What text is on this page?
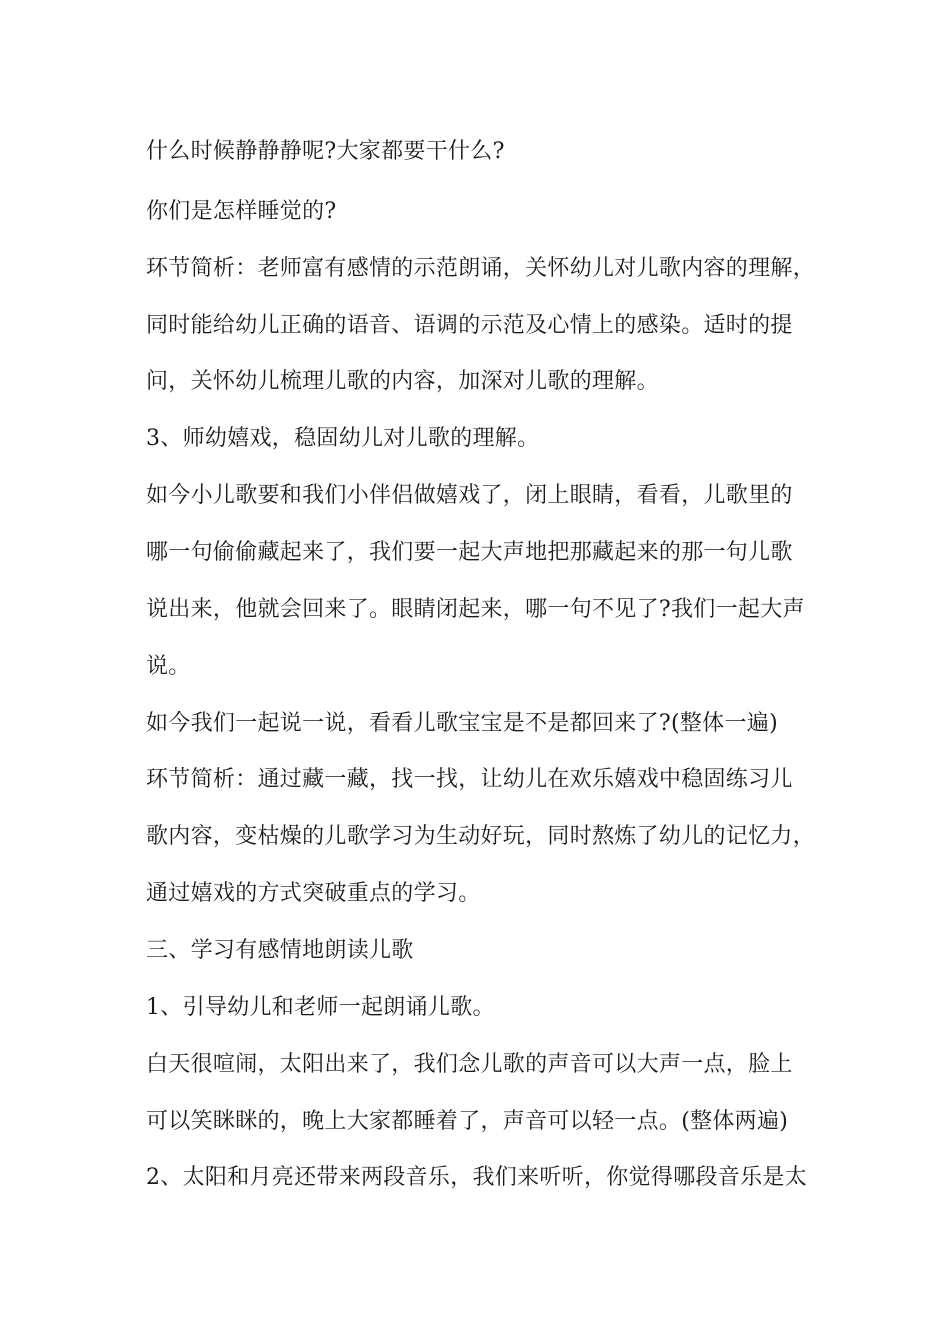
什么时候静静静呢?大家都要干什么?

你们是怎样睡觉的?

环节简析：老师富有感情的示范朗诵，关怀幼儿对儿歌内容的理解，

同时能给幼儿正确的语音、语调的示范及心情上的感染。适时的提

问，关怀幼儿梳理儿歌的内容，加深对儿歌的理解。

3、师幼嬉戏，稳固幼儿对儿歌的理解。

如今小儿歌要和我们小伴侣做嬉戏了，闭上眼睛，看看，儿歌里的

哪一句偷偷藏起来了，我们要一起大声地把那藏起来的那一句儿歌

说出来，他就会回来了。眼睛闭起来，哪一句不见了?我们一起大声

说。

如今我们一起说一说，看看儿歌宝宝是不是都回来了?(整体一遍)

环节简析：通过藏一藏，找一找，让幼儿在欢乐嬉戏中稳固练习儿

歌内容，变枯燥的儿歌学习为生动好玩，同时熬炼了幼儿的记忆力，

通过嬉戏的方式突破重点的学习。

三、学习有感情地朗读儿歌

1、引导幼儿和老师一起朗诵儿歌。

白天很喧闹，太阳出来了，我们念儿歌的声音可以大声一点，脸上

可以笑眯眯的，晚上大家都睡着了，声音可以轻一点。(整体两遍)

2、太阳和月亮还带来两段音乐，我们来听听，你觉得哪段音乐是太
